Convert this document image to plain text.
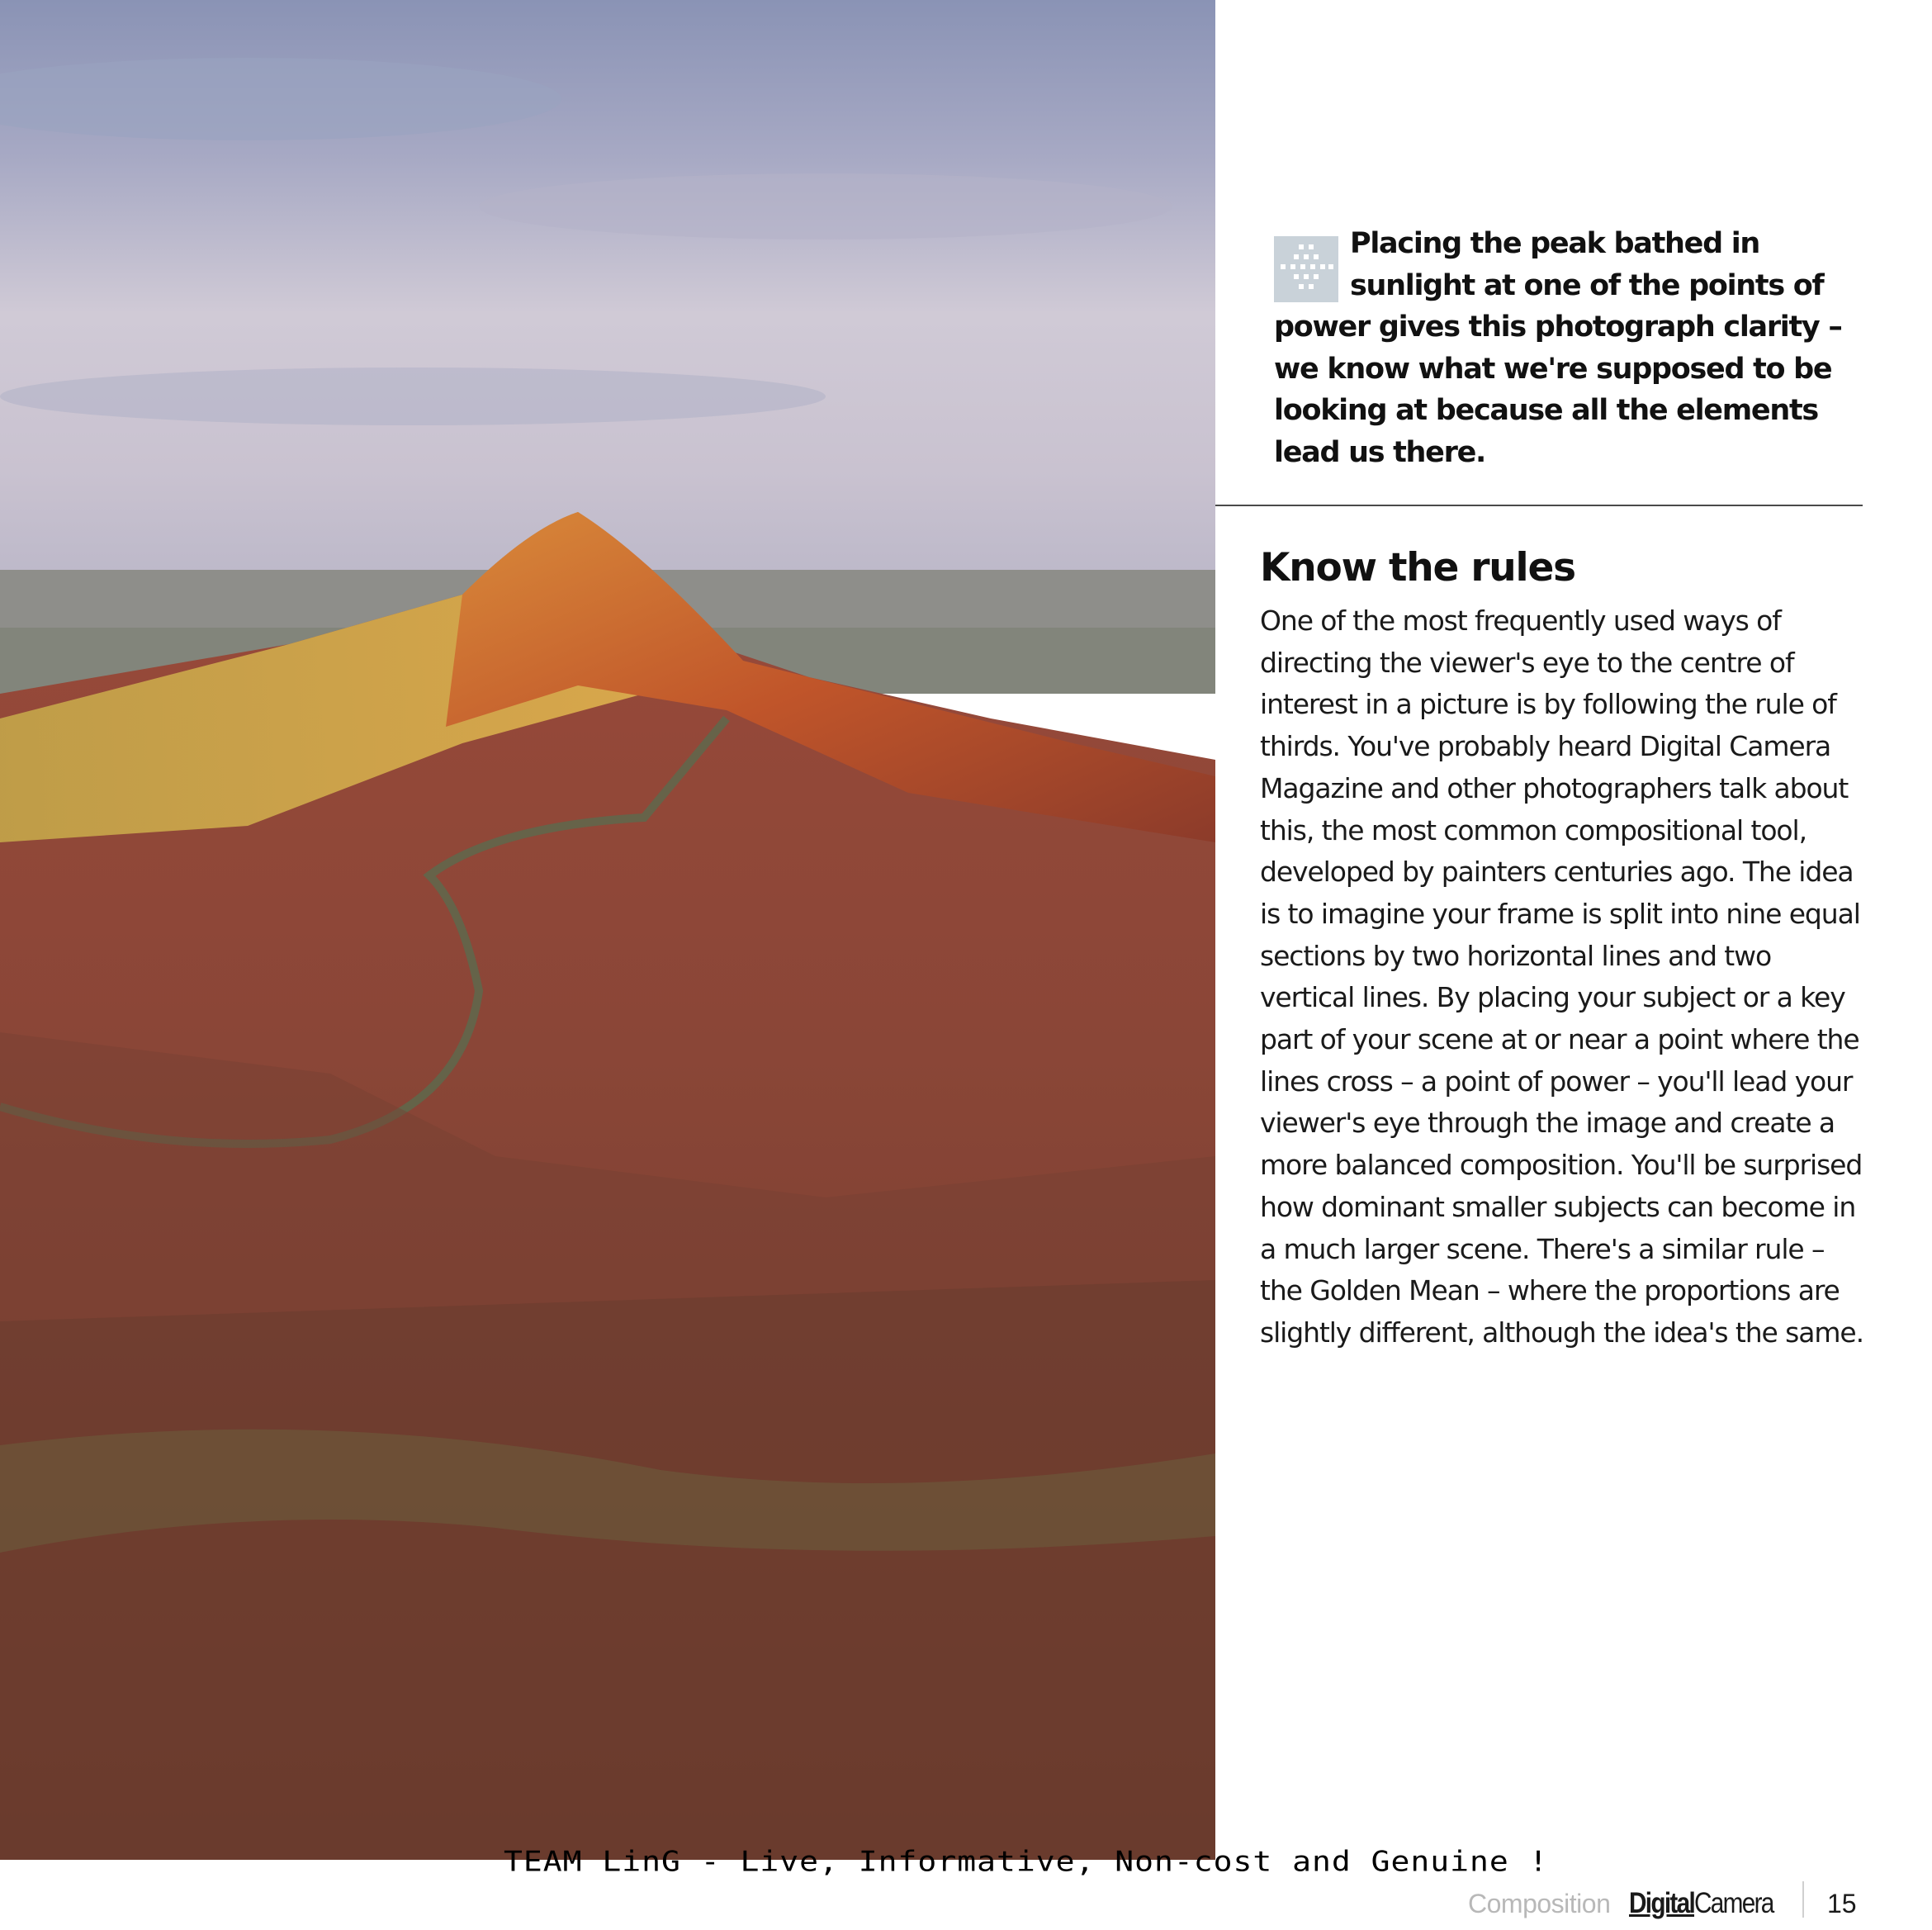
Placing the peak bathed in sunlight at one of the points of power gives this photograph clarity – we know what we're supposed to be looking at because all the elements lead us there.
Know the rules

One of the most frequently used ways of directing the viewer's eye to the centre of interest in a picture is by following the rule of thirds. You've probably heard Digital Camera Magazine and other photographers talk about this, the most common compositional tool, developed by painters centuries ago. The idea is to imagine your frame is split into nine equal sections by two horizontal lines and two vertical lines. By placing your subject or a key part of your scene at or near a point where the lines cross – a point of power – you'll lead your viewer's eye through the image and create a more balanced composition. You'll be surprised how dominant smaller subjects can become in a much larger scene. There's a similar rule – the Golden Mean – where the proportions are slightly different, although the idea's the same.

TEAM LinG - Live, Informative, Non-cost and Genuine !
Composition DigitalCamera 15
